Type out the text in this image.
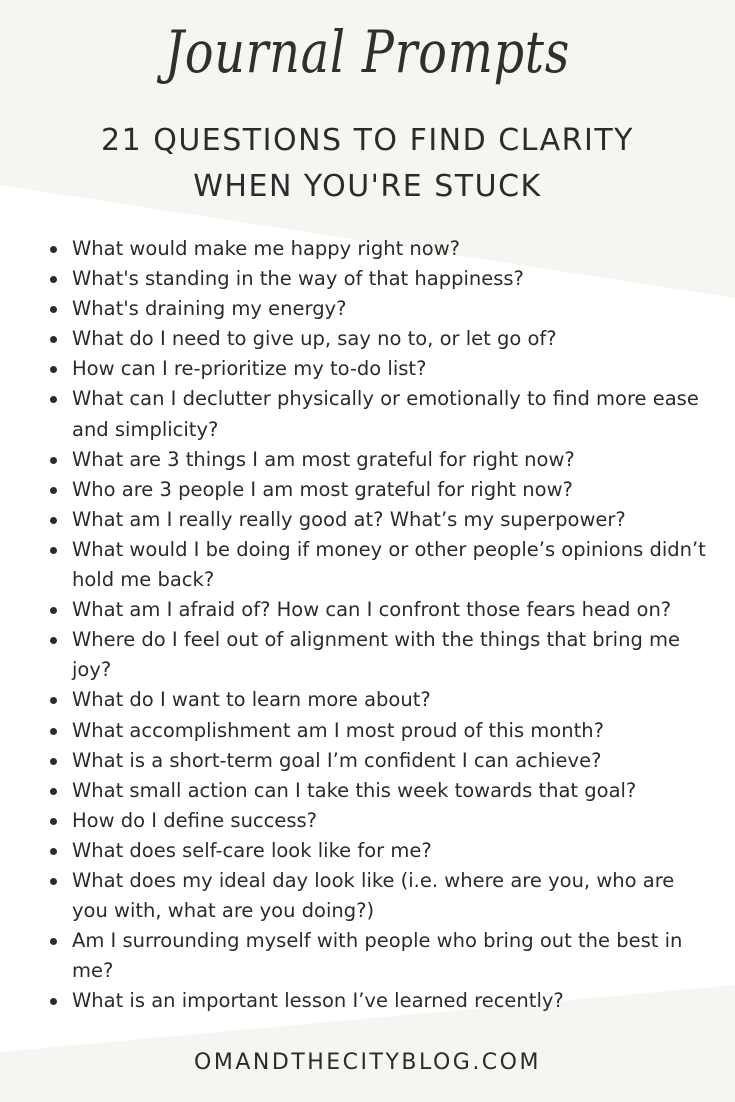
Journal Prompts
21 QUESTIONS TO FIND CLARITY
WHEN YOU'RE STUCK
What would make me happy right now?
What's standing in the way of that happiness?
What's draining my energy?
What do I need to give up, say no to, or let go of?
How can I re-prioritize my to-do list?
What can I declutter physically or emotionally to find more ease and simplicity?
What are 3 things I am most grateful for right now?
Who are 3 people I am most grateful for right now?
What am I really really good at? What’s my superpower?
What would I be doing if money or other people’s opinions didn’t hold me back?
What am I afraid of? How can I confront those fears head on?
Where do I feel out of alignment with the things that bring me joy?
What do I want to learn more about?
What accomplishment am I most proud of this month?
What is a short-term goal I’m confident I can achieve?
What small action can I take this week towards that goal?
How do I define success?
What does self-care look like for me?
What does my ideal day look like (i.e. where are you, who are you with, what are you doing?)
Am I surrounding myself with people who bring out the best in me?
What is an important lesson I’ve learned recently?
OMANDTHECITYBLOG.COM
